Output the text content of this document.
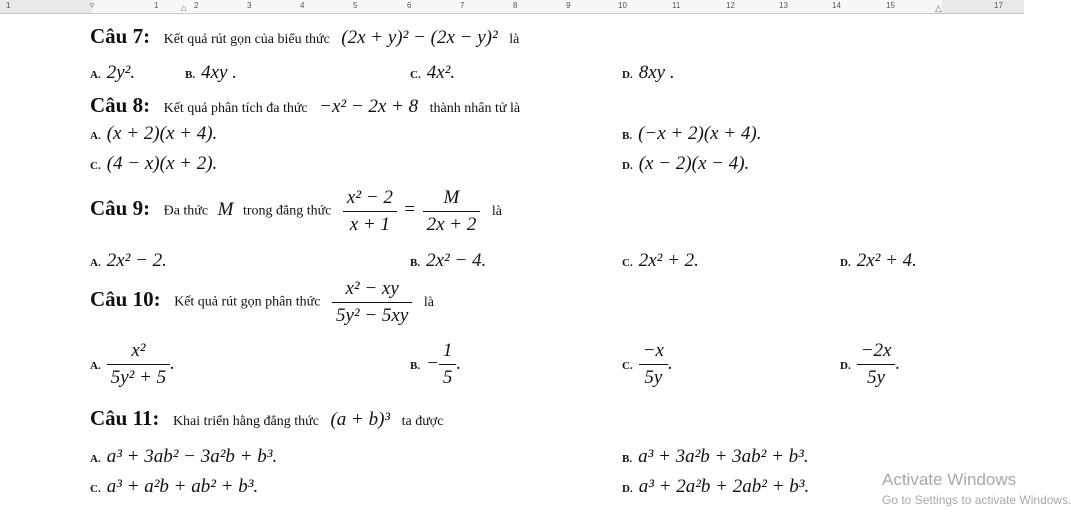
▿	⌂	△
1	1	2	3	4	5	6	7	8	9	10	11	12	13	14	15	17
Câu 7: Kết quả rút gọn của biểu thức (2x + y)² − (2x − y)² là
A. 2y².	B. 4xy .	C. 4x².	D. 8xy .
Câu 8: Kết quả phân tích đa thức −x² − 2x + 8 thành nhân tử là
A. (x + 2)(x + 4).	B. (−x + 2)(x + 4).
C. (4 − x)(x + 2).	D. (x − 2)(x − 4).
Câu 9: Đa thức M trong đẳng thức $\frac{\text{x² − 2}}{x + 1} = \frac{M}{2x + 2}$ là
A. 2x² − 2.	B. 2x² − 4.	C. 2x² + 2.	D. 2x² + 4.
Câu 10: Kết quả rút gọn phân thức $\frac{\text{x² − xy}}{\text{5y² − 5xy}}$ là
A. $\frac{\text{x²}}{\text{5y² + 5}}$ .	B. − $\frac{1}{5}$ .	C. $\frac{-x}{5y}$ .	D. $\frac{-2x}{5y}$ .
Câu 11: Khai triển hằng đẳng thức (a + b)³ ta được
A. a³ + 3ab² − 3a²b + b³.	B. a³ + 3a²b + 3ab² + b³.
C. a³ + a²b + ab² + b³.	D. a³ + 2a²b + 2ab² + b³.	Activate Windows
Go to Settings to activate Windows.
